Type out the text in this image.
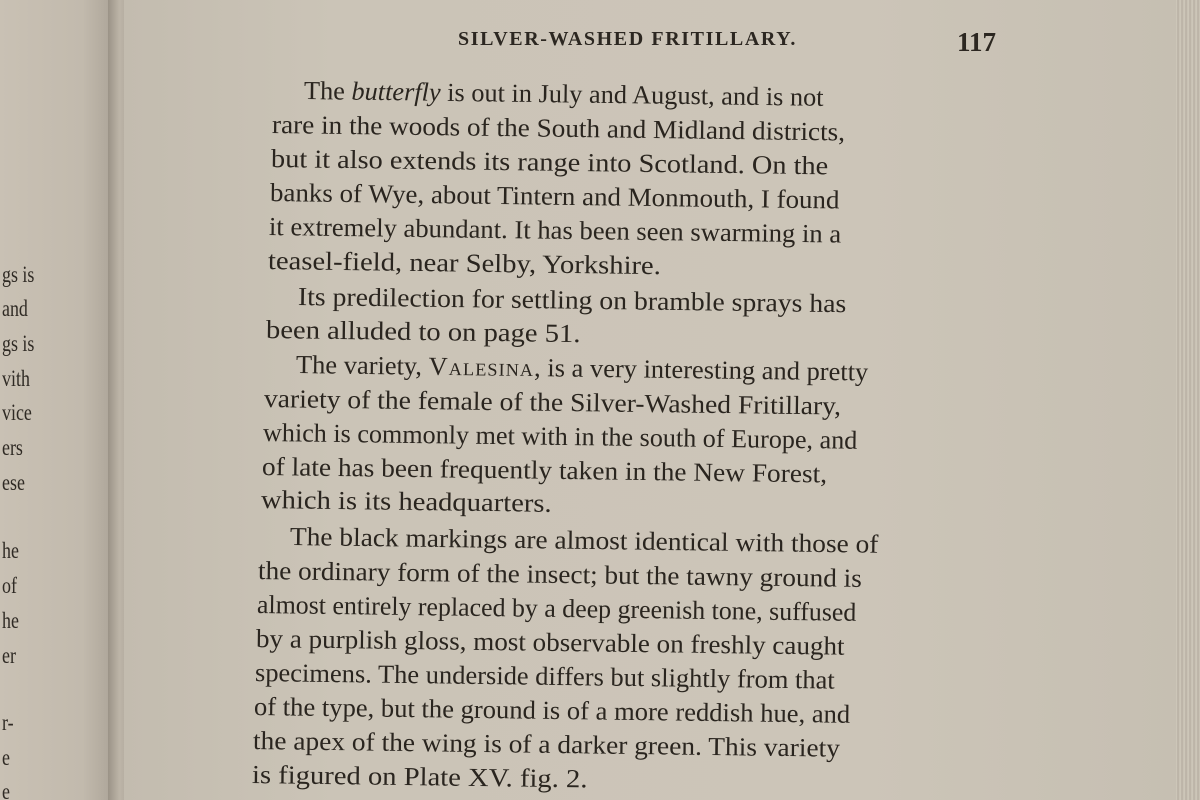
gs is
and
gs is
vith
vice
ers
ese
he
of
he
er
r-
e
e
SILVER-WASHED FRITILLARY.	117
The butterfly is out in July and August, and is not
rare in the woods of the South and Midland districts,
but it also extends its range into Scotland. On the
banks of Wye, about Tintern and Monmouth, I found
it extremely abundant. It has been seen swarming in a
teasel-field, near Selby, Yorkshire.
Its predilection for settling on bramble sprays has
been alluded to on page 51.
The variety, Valesina, is a very interesting and pretty
variety of the female of the Silver-Washed Fritillary,
which is commonly met with in the south of Europe, and
of late has been frequently taken in the New Forest,
which is its headquarters.
The black markings are almost identical with those of
the ordinary form of the insect; but the tawny ground is
almost entirely replaced by a deep greenish tone, suffused
by a purplish gloss, most observable on freshly caught
specimens. The underside differs but slightly from that
of the type, but the ground is of a more reddish hue, and
the apex of the wing is of a darker green. This variety
is figured on Plate XV. fig. 2.
